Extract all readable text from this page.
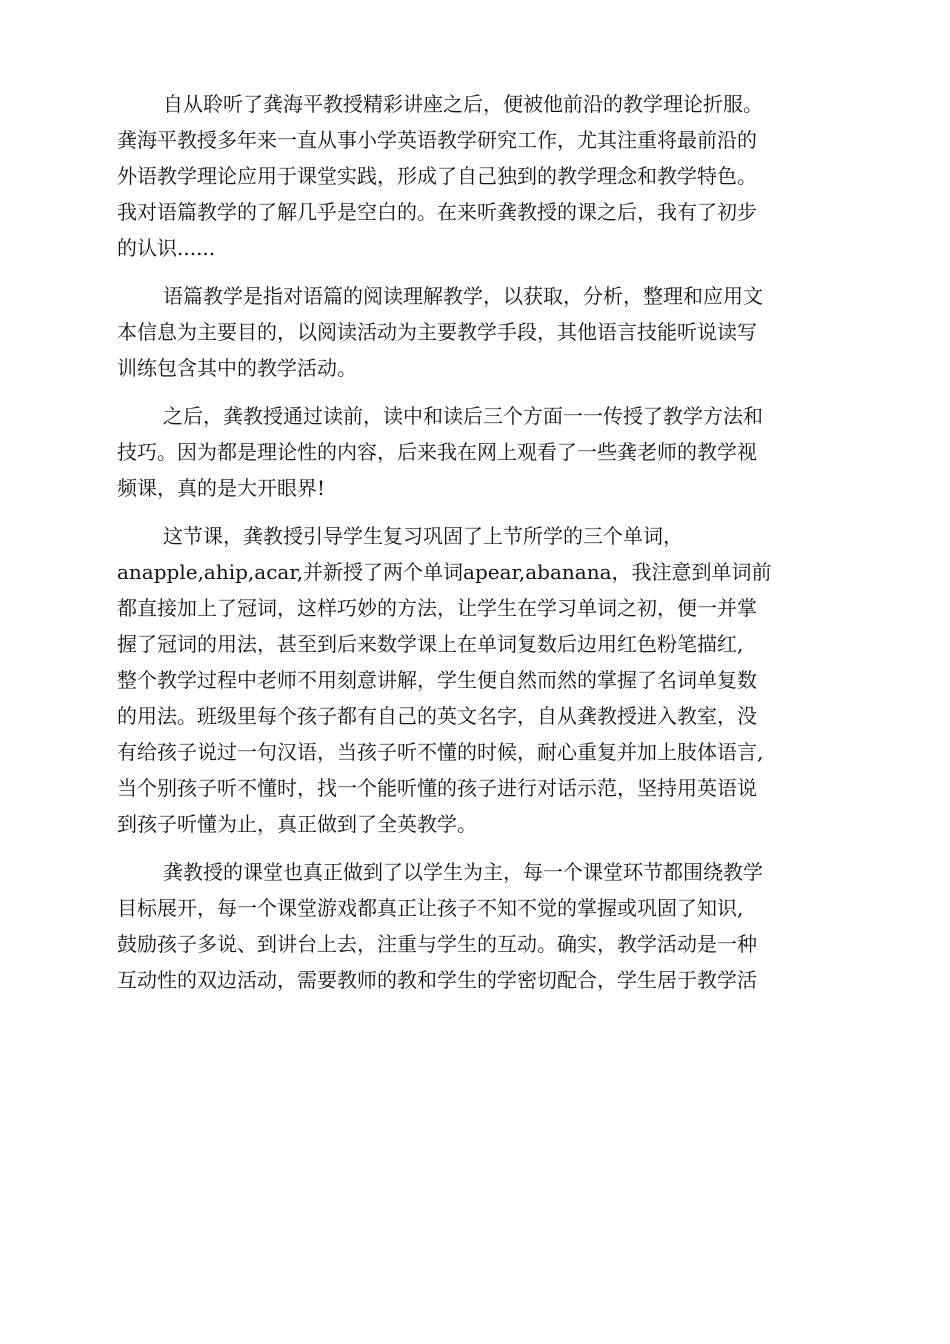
自从聆听了龚海平教授精彩讲座之后，便被他前沿的教学理论折服。
龚海平教授多年来一直从事小学英语教学研究工作，尤其注重将最前沿的
外语教学理论应用于课堂实践，形成了自己独到的教学理念和教学特色。
我对语篇教学的了解几乎是空白的。在来听龚教授的课之后，我有了初步
的认识......
语篇教学是指对语篇的阅读理解教学，以获取，分析，整理和应用文
本信息为主要目的，以阅读活动为主要教学手段，其他语言技能听说读写
训练包含其中的教学活动。
之后，龚教授通过读前，读中和读后三个方面一一传授了教学方法和
技巧。因为都是理论性的内容，后来我在网上观看了一些龚老师的教学视
频课，真的是大开眼界!
这节课，龚教授引导学生复习巩固了上节所学的三个单词，
anapple,ahip,acar,并新授了两个单词apear,abanana，我注意到单词前
都直接加上了冠词，这样巧妙的方法，让学生在学习单词之初，便一并掌
握了冠词的用法，甚至到后来数学课上在单词复数后边用红色粉笔描红,
整个教学过程中老师不用刻意讲解，学生便自然而然的掌握了名词单复数
的用法。班级里每个孩子都有自己的英文名字，自从龚教授进入教室，没
有给孩子说过一句汉语，当孩子听不懂的时候，耐心重复并加上肢体语言,
当个别孩子听不懂时，找一个能听懂的孩子进行对话示范，坚持用英语说
到孩子听懂为止，真正做到了全英教学。
龚教授的课堂也真正做到了以学生为主，每一个课堂环节都围绕教学
目标展开，每一个课堂游戏都真正让孩子不知不觉的掌握或巩固了知识,
鼓励孩子多说、到讲台上去，注重与学生的互动。确实，教学活动是一种
互动性的双边活动，需要教师的教和学生的学密切配合，学生居于教学活
